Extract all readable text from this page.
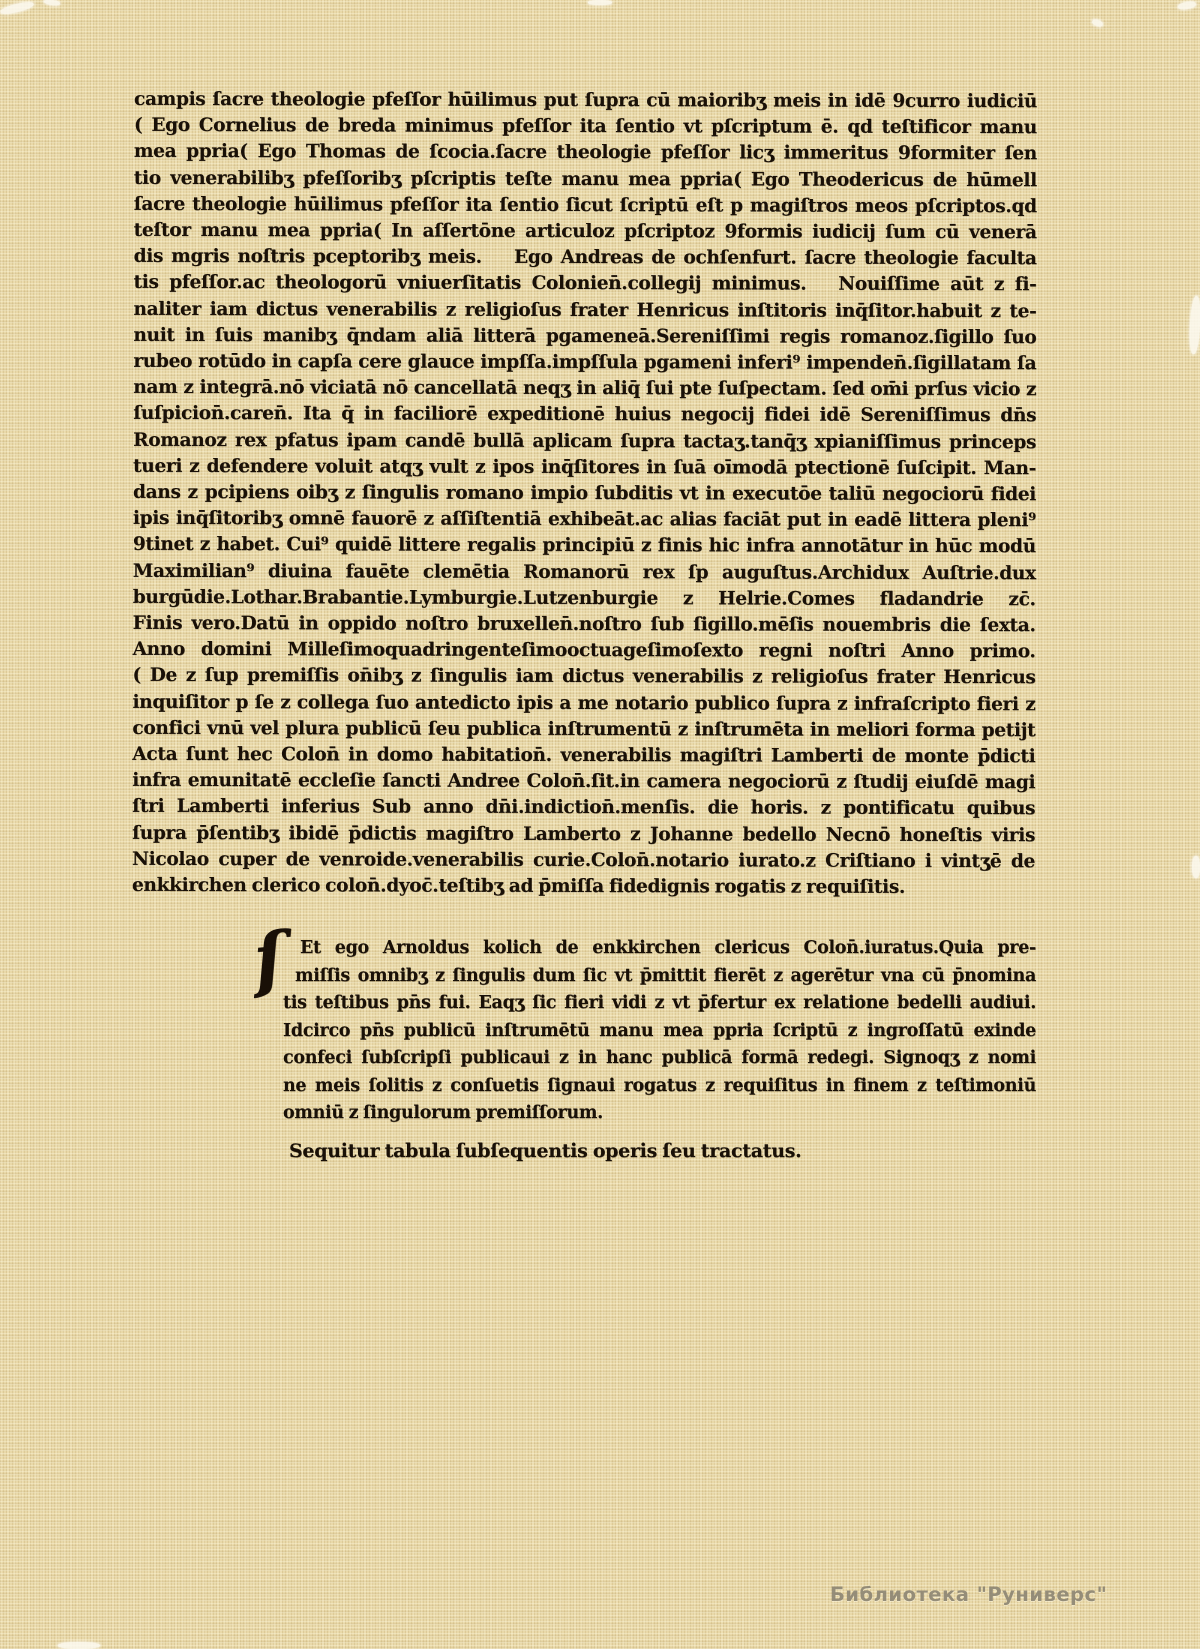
campis ſacre theologie pfeſſor hūilimus put ſupra cū maioribʒ meis in idē 9curro iudiciū
( Ego Cornelius de breda minimus pfeſſor ita ſentio vt pſcriptum ē. qd teſtificor manu
mea ppria( Ego Thomas de ſcocia.ſacre theologie pfeſſor licʒ immeritus 9formiter ſen
tio venerabilibʒ pfeſſoribʒ pſcriptis teſte manu mea ppria( Ego Theodericus de hūmell
ſacre theologie hūilimus pfeſſor ita ſentio ſicut ſcriptū eſt p magiſtros meos pſcriptos.qd
teſtor manu mea ppria( In aſſertōne articuloz pſcriptoz 9formis iudicij ſum cū venerā
dis mgris noſtris pceptoribʒ meis.    Ego Andreas de ochſenfurt. ſacre theologie faculta
tis pfeſſor.ac theologorū vniuerſitatis Colonien̄.collegij minimus.   Nouiſſime aūt z fi-
naliter iam dictus venerabilis z religioſus frater Henricus inſtitoris inq̄ſitor.habuit z te-
nuit in ſuis manibʒ q̄ndam aliā litterā pgameneā.Sereniſſimi regis romanoz.ſigillo ſuo
rubeo rotūdo in capſa cere glauce impſſa.impſſula pgameni inferi⁹ impenden̄.ſigillatam ſa
nam z integrā.nō viciatā nō cancellatā neqʒ in aliq̄ ſui pte ſuſpectam. ſed om̄i prſus vicio z
ſuſpicion̄.caren̄. Ita q̄ in faciliorē expeditionē huius negocij fidei idē Sereniſſimus dn̄s
Romanoz rex pfatus ipam candē bullā aplicam ſupra tactaʒ.tanq̄ʒ xpianiſſimus princeps
tueri z defendere voluit atqʒ vult z ipos inq̄ſitores in ſuā oīmodā ptectionē ſuſcipit. Man-
dans z pcipiens oibʒ z ſingulis romano impio ſubditis vt in executōe taliū negociorū fidei
ipis inq̄ſitoribʒ omnē fauorē z aſſiſtentiā exhibeāt.ac alias faciāt put in eadē littera pleni⁹
9tinet z habet. Cui⁹ quidē littere regalis principiū z finis hic infra annotātur in hūc modū
Maximilian⁹ diuina fauēte clemētia Romanorū rex ſp auguſtus.Archidux Auſtrie.dux
burgūdie.Lothar.Brabantie.Lymburgie.Lutzenburgie z Helrie.Comes fladandrie zc̄.
Finis vero.Datū in oppido noſtro bruxellen̄.noſtro ſub ſigillo.mēſis nouembris die ſexta.
Anno domini Milleſimoquadringenteſimooctuageſimoſexto regni noſtri Anno primo.
( De z ſup premiſſis on̄ibʒ z ſingulis iam dictus venerabilis z religioſus frater Henricus
inquiſitor p ſe z collega ſuo antedicto ipis a me notario publico ſupra z infraſcripto fieri z
confici vnū vel plura publicū ſeu publica inſtrumentū z inſtrumēta in meliori forma petijt
Acta ſunt hec Colon̄ in domo habitation̄. venerabilis magiſtri Lamberti de monte p̄dicti
infra emunitatē eccleſie ſancti Andree Colon̄.ſit.in camera negociorū z ſtudij eiuſdē magi
ſtri Lamberti inferius Sub anno dn̄i.indiction̄.menſis. die horis. z pontificatu quibus
ſupra p̄ſentibʒ ibidē p̄dictis magiſtro Lamberto z Johanne bedello Necnō honeſtis viris
Nicolao cuper de venroide.venerabilis curie.Colon̄.notario iurato.z Criſtiano i vintʒē de
enkkirchen clerico colon̄.dyoc̄.teſtibʒ ad p̄miſſa fidedignis rogatis z requiſitis.
ſ Et ego Arnoldus kolich de enkkirchen clericus Colon̄.iuratus.Quia pre-
miſſis omnibʒ z ſingulis dum ſic vt p̄mittit fierēt z agerētur vna cū p̄nomina
tis teſtibus pn̄s fui. Eaqʒ ſic fieri vidi z vt p̄fertur ex relatione bedelli audiui.
Idcirco pn̄s publicū inſtrumētū manu mea ppria ſcriptū z ingroſſatū exinde
confeci ſubſcripſi publicaui z in hanc publicā formā redegi. Signoqʒ z nomi
ne meis ſolitis z conſuetis ſignaui rogatus z requiſitus in finem z teſtimoniū
omniū z ſingulorum premiſſorum.
Sequitur tabula ſubſequentis operis ſeu tractatus.
Библиотека "Руниверс"
